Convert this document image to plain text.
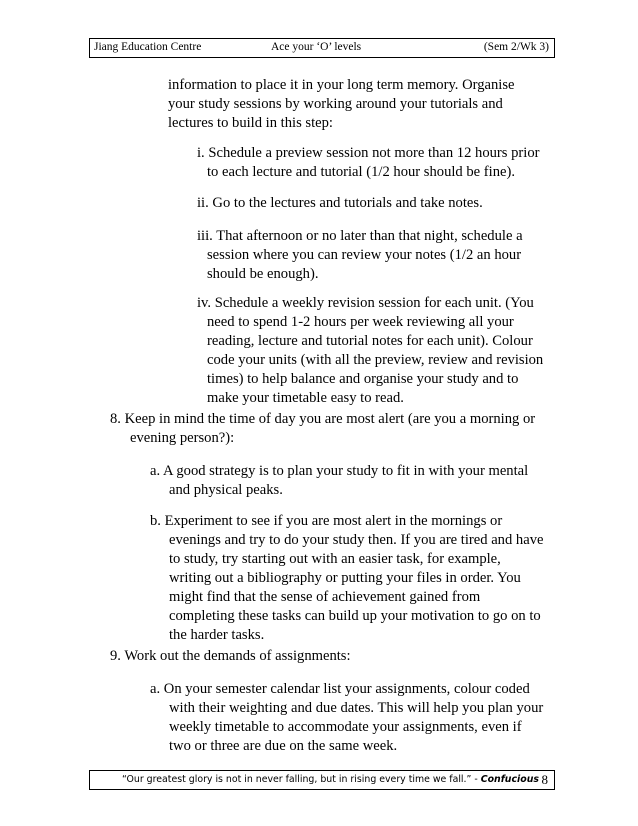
Jiang Education Centre	Ace your ‘O’ levels	(Sem 2/Wk 3)
information to place it in your long term memory. Organise
your study sessions by working around your tutorials and
lectures to build in this step:
i. Schedule a preview session not more than 12 hours prior
to each lecture and tutorial (1/2 hour should be fine).
ii. Go to the lectures and tutorials and take notes.
iii. That afternoon or no later than that night, schedule a
session where you can review your notes (1/2 an hour
should be enough).
iv. Schedule a weekly revision session for each unit. (You
need to spend 1-2 hours per week reviewing all your
reading, lecture and tutorial notes for each unit). Colour
code your units (with all the preview, review and revision
times) to help balance and organise your study and to
make your timetable easy to read.
8. Keep in mind the time of day you are most alert (are you a morning or
evening person?):
a. A good strategy is to plan your study to fit in with your mental
and physical peaks.
b. Experiment to see if you are most alert in the mornings or
evenings and try to do your study then. If you are tired and have
to study, try starting out with an easier task, for example,
writing out a bibliography or putting your files in order. You
might find that the sense of achievement gained from
completing these tasks can build up your motivation to go on to
the harder tasks.
9. Work out the demands of assignments:
a. On your semester calendar list your assignments, colour coded
with their weighting and due dates. This will help you plan your
weekly timetable to accommodate your assignments, even if
two or three are due on the same week.
“Our greatest glory is not in never falling, but in rising every time we fall.” - Confucious 8
